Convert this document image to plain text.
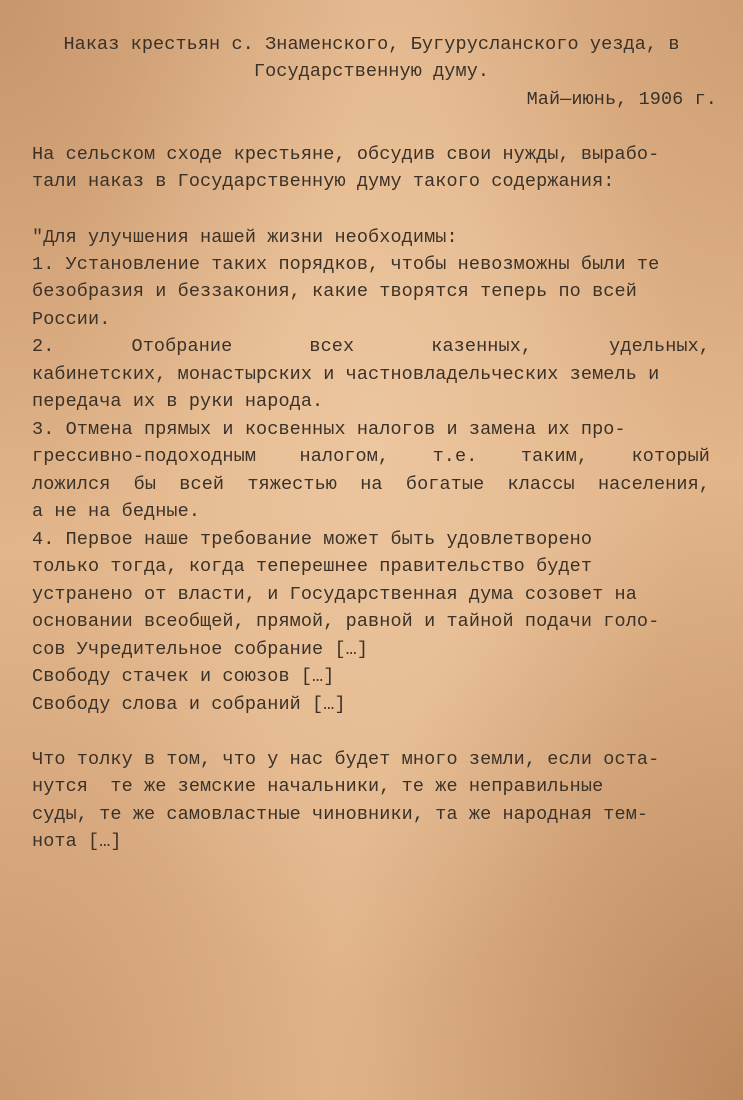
Наказ крестьян с. Знаменского, Бугурусланского уезда, в
Государственную думу.
Май—июнь, 1906 г.
На сельском сходе крестьяне, обсудив свои нужды, вырабо-
тали наказ в Государственную думу такого содержания:
"Для улучшения нашей жизни необходимы:
1. Установление таких порядков, чтобы невозможны были те
безобразия и беззакония, какие творятся теперь по всей
России.
2. Отобрание всех казенных, удельных,
кабинетских, монастырских и частновладельческих земель и
передача их в руки народа.
3. Отмена прямых и косвенных налогов и замена их про-
грессивно-подоходным налогом, т.е. таким, который
ложился бы всей тяжестью на богатые классы населения,
а не на бедные.
4. Первое наше требование может быть удовлетворено
только тогда, когда теперешнее правительство будет
устранено от власти, и Государственная дума созовет на
основании всеобщей, прямой, равной и тайной подачи голо-
сов Учредительное собрание […]
Свободу стачек и союзов […]
Свободу слова и собраний […]
Что толку в том, что у нас будет много земли, если оста-
нутся  те же земские начальники, те же неправильные
суды, те же самовластные чиновники, та же народная тем-
нота […]
